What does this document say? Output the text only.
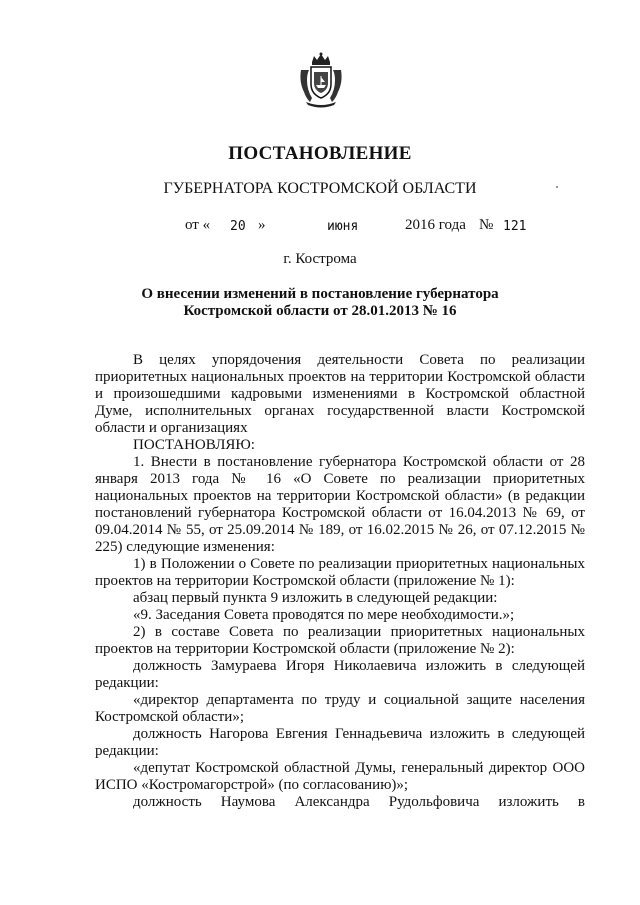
ПОСТАНОВЛЕНИЕ
ГУБЕРНАТОРА КОСТРОМСКОЙ ОБЛАСТИ
от « 20 »	июня	2016 года № 121
г. Кострома
О внесении изменений в постановление губернатора
Костромской области от 28.01.2013 № 16

В целях упорядочения деятельности Совета по реализации приоритетных национальных проектов на территории Костромской области и произошедшими кадровыми изменениями в Костромской областной Думе, исполнительных органах государственной власти Костромской области и организациях

ПОСТАНОВЛЯЮ:

1. Внести в постановление губернатора Костромской области от 28 января 2013 года № 16 «О Совете по реализации приоритетных национальных проектов на территории Костромской области» (в редакции постановлений губернатора Костромской области от 16.04.2013 № 69, от 09.04.2014 № 55, от 25.09.2014 № 189, от 16.02.2015 № 26, от 07.12.2015 № 225) следующие изменения:

1) в Положении о Совете по реализации приоритетных национальных проектов на территории Костромской области (приложение № 1):

абзац первый пункта 9 изложить в следующей редакции:

«9. Заседания Совета проводятся по мере необходимости.»;

2) в составе Совета по реализации приоритетных национальных проектов на территории Костромской области (приложение № 2):

должность Замураева Игоря Николаевича изложить в следующей редакции:

«директор департамента по труду и социальной защите населения Костромской области»;

должность Нагорова Евгения Геннадьевича изложить в следующей редакции:

«депутат Костромской областной Думы, генеральный директор ООО ИСПО «Костромагорстрой» (по согласованию)»;

должность Наумова Александра Рудольфовича изложить в
